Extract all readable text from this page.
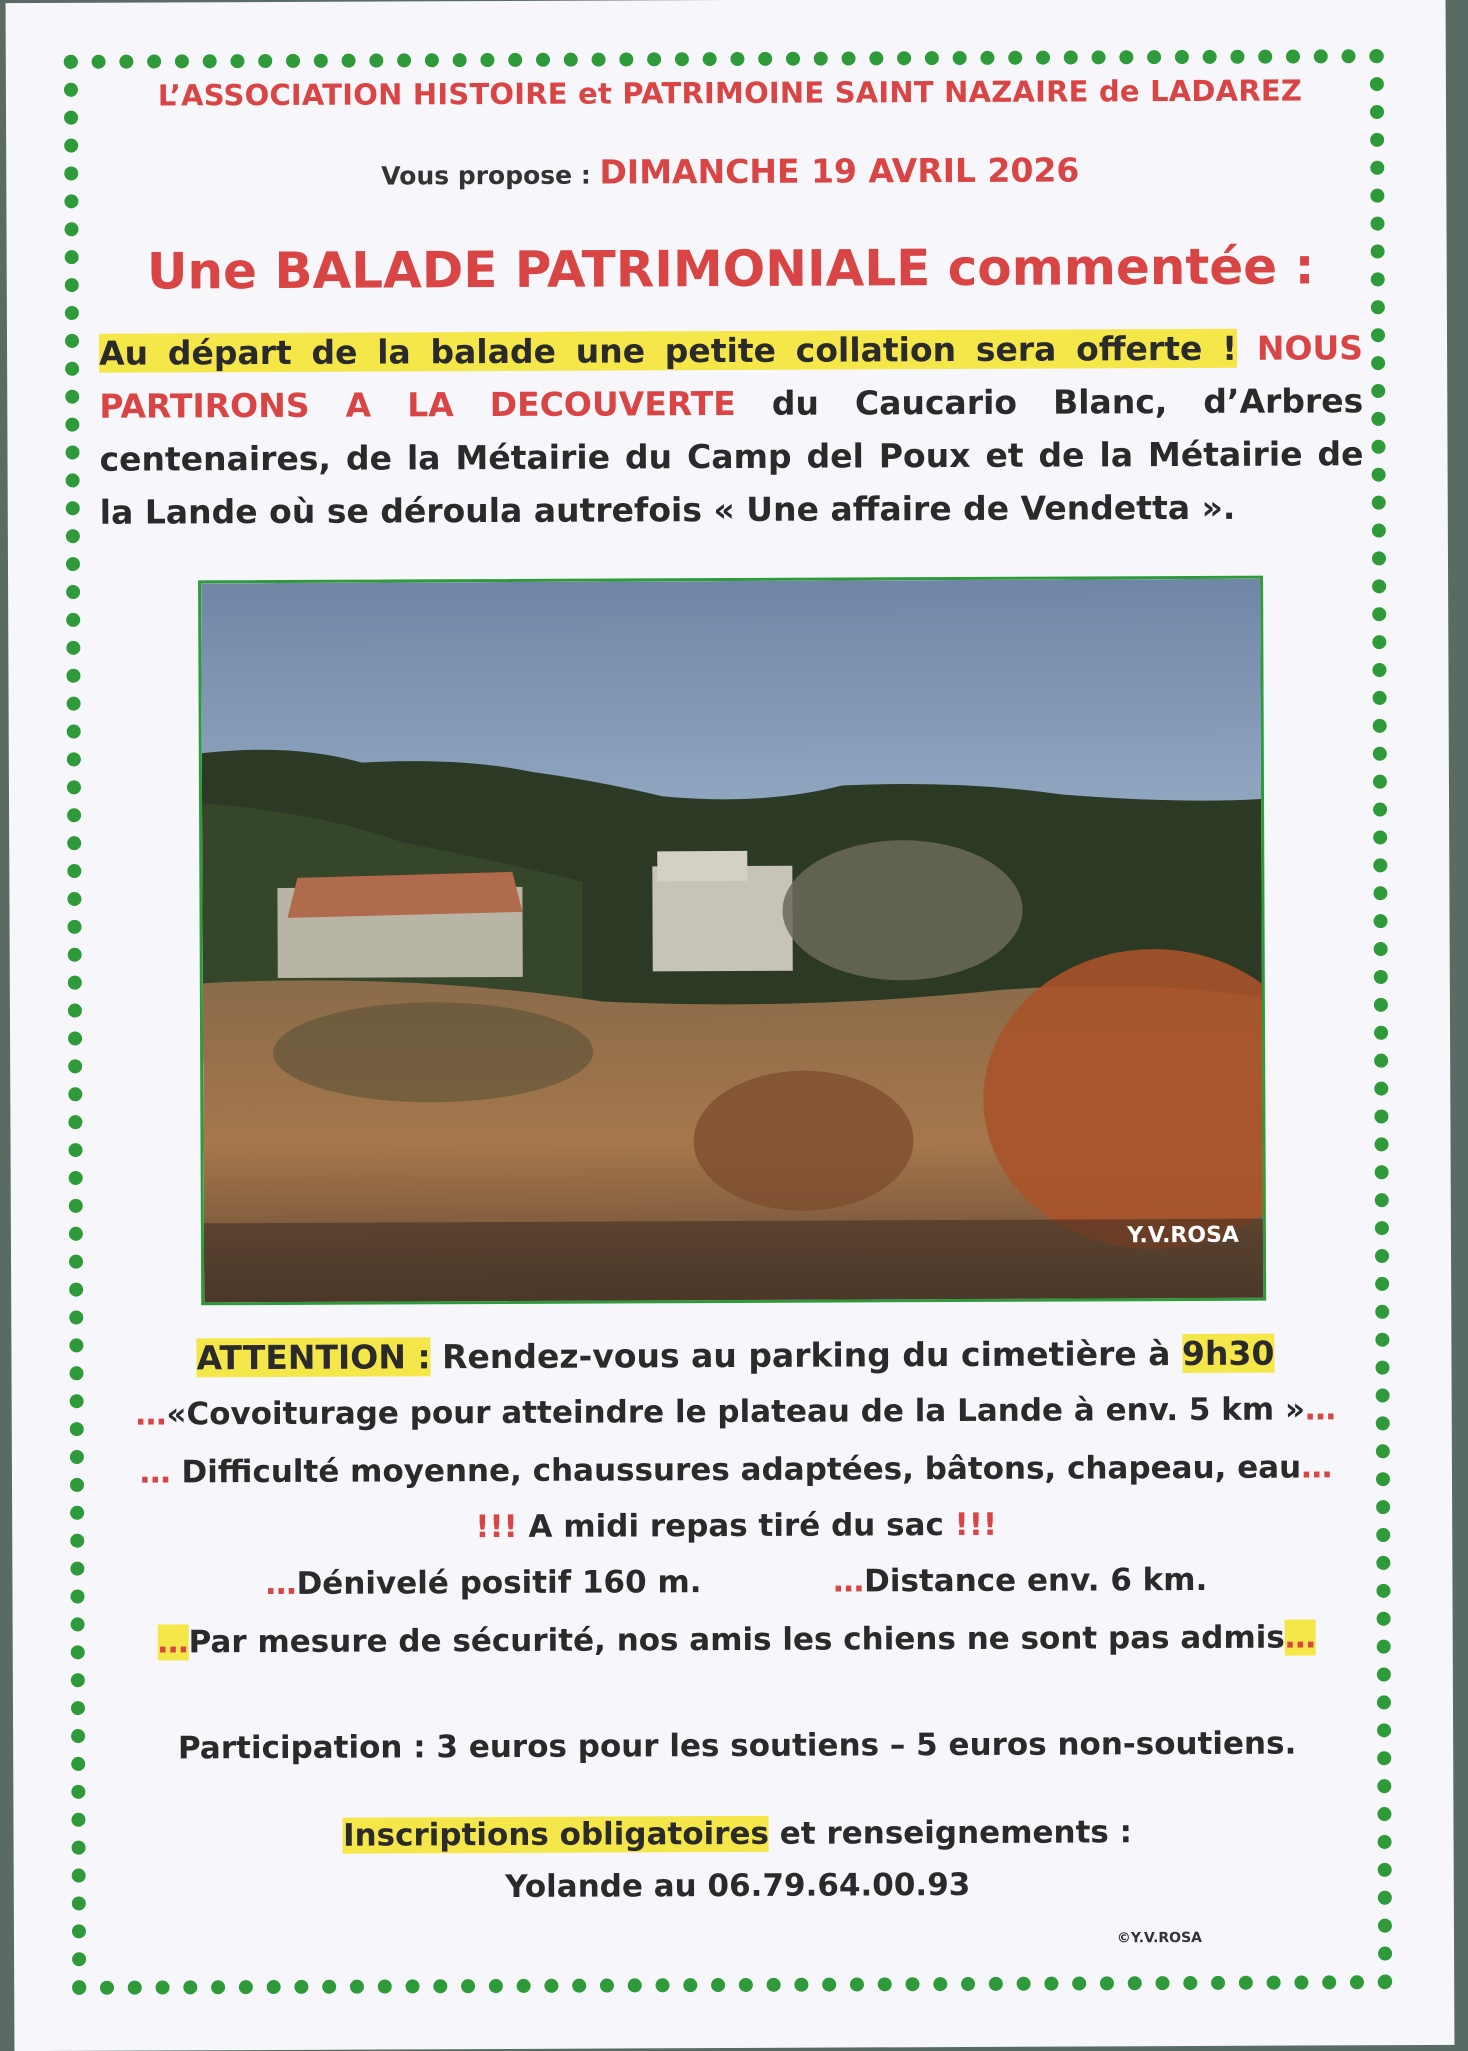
L’ASSOCIATION HISTOIRE et PATRIMOINE SAINT NAZAIRE de LADAREZ
Vous propose : DIMANCHE 19 AVRIL 2026
Une BALADE PATRIMONIALE commentée :
Au départ de la balade une petite collation sera offerte ! NOUS PARTIRONS A LA DECOUVERTE du Caucario Blanc, d’Arbres centenaires, de la Métairie du Camp del Poux et de la Métairie de la Lande où se déroula autrefois « Une affaire de Vendetta ».
Y.V.ROSA
ATTENTION : Rendez-vous au parking du cimetière à 9h30
…«Covoiturage pour atteindre le plateau de la Lande à env. 5 km »…
… Difficulté moyenne, chaussures adaptées, bâtons, chapeau, eau…
!!! A midi repas tiré du sac !!!
…Dénivelé positif 160 m.	…Distance env. 6 km.
…Par mesure de sécurité, nos amis les chiens ne sont pas admis…
Participation : 3 euros pour les soutiens – 5 euros non-soutiens.
Inscriptions obligatoires et renseignements :
Yolande au 06.79.64.00.93
©Y.V.ROSA
